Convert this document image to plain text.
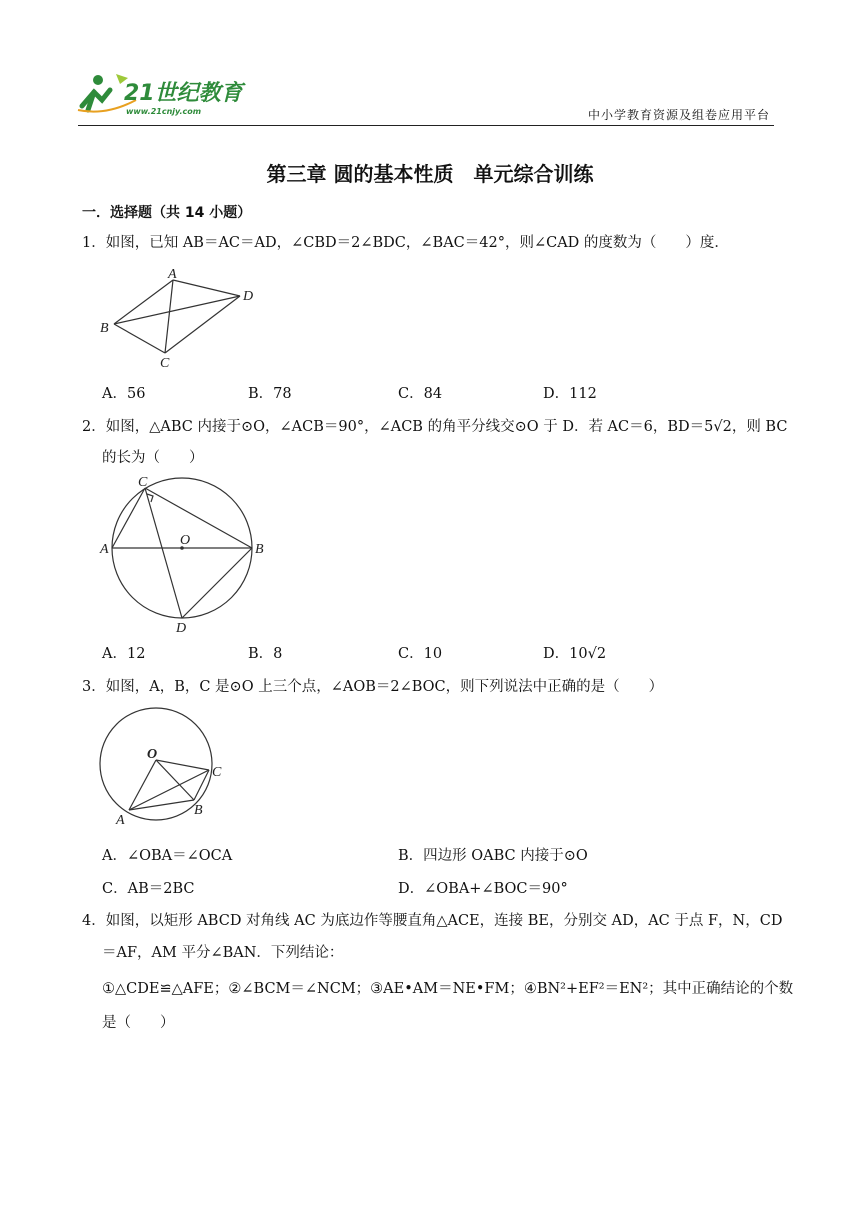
21世纪教育
www.21cnjy.com	中小学教育资源及组卷应用平台
第三章 圆的基本性质　单元综合训练
一．选择题（共 14 小题）
1．如图，已知 AB＝AC＝AD，∠CBD＝2∠BDC，∠BAC＝42°，则∠CAD 的度数为（　　）度．
A
B
C
D
A．56	B．78	C．84	D．112
2．如图，△ABC 内接于⊙O，∠ACB＝90°，∠ACB 的角平分线交⊙O 于 D．若 AC＝6，BD＝5√2，则 BC
的长为（　　）
C
A
O
B
D
A．12	B．8	C．10	D．10√2
3．如图，A，B，C 是⊙O 上三个点，∠AOB＝2∠BOC，则下列说法中正确的是（　　）
O
C
B
A
A．∠OBA＝∠OCA	B．四边形 OABC 内接于⊙O
C．AB＝2BC	D．∠OBA+∠BOC＝90°
4．如图，以矩形 ABCD 对角线 AC 为底边作等腰直角△ACE，连接 BE，分别交 AD，AC 于点 F，N，CD
＝AF，AM 平分∠BAN．下列结论：
①△CDE≌△AFE；②∠BCM＝∠NCM；③AE•AM＝NE•FM；④BN²+EF²＝EN²；其中正确结论的个数
是（　　）
